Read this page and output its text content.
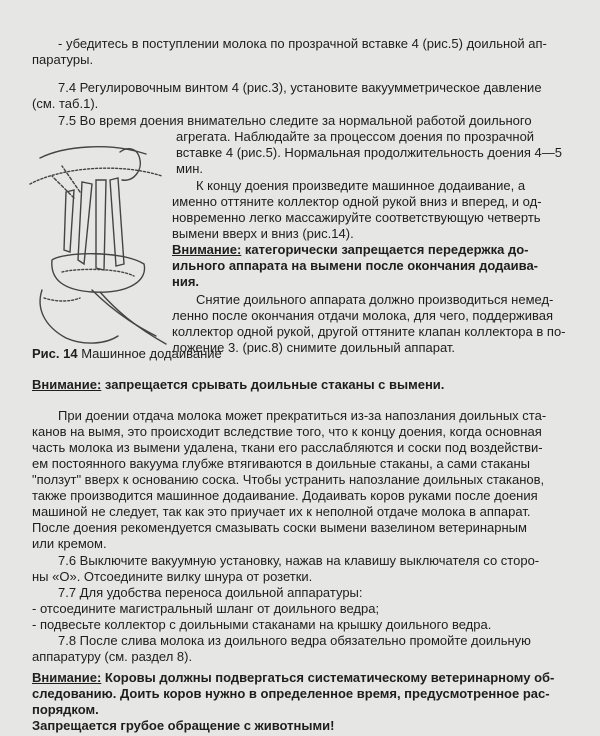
- убедитесь в поступлении молока по прозрачной вставке 4 (рис.5) доильной ап-
паратуры.
7.4 Регулировочным винтом 4 (рис.3), установите вакуумметрическое давление
(см. таб.1).
7.5 Во время доения внимательно следите за нормальной работой доильного
агрегата. Наблюдайте за процессом доения по прозрачной
вставке 4 (рис.5). Нормальная продолжительность доения 4—5
мин.
К концу доения произведите машинное додаивание, а
именно оттяните коллектор одной рукой вниз и вперед, и од-
новременно легко массажируйте соответствующую четверть
вымени вверх и вниз (рис.14).
Внимание: категорически запрещается передержка до-
ильного аппарата на вымени после окончания додаива-
ния.
Снятие доильного аппарата должно производиться немед-
ленно после окончания отдачи молока, для чего, поддерживая
коллектор одной рукой, другой оттяните клапан коллектора в по-
ложение 3. (рис.8) снимите доильный аппарат.
Рис. 14 Машинное додаивание
Внимание: запрещается срывать доильные стаканы с вымени.
При доении отдача молока может прекратиться из-за напозлания доильных ста-
канов на вымя, это происходит вследствие того, что к концу доения, когда основная
часть молока из вымени удалена, ткани его расслабляются и соски под воздействи-
ем постоянного вакуума глубже втягиваются в доильные стаканы, а сами стаканы
"ползут" вверх к основанию соска. Чтобы устранить напозлание доильных стаканов,
также производится машинное додаивание. Додаивать коров руками после доения
машиной не следует, так как это приучает их к неполной отдаче молока в аппарат.
После доения рекомендуется смазывать соски вымени вазелином ветеринарным
или кремом.
7.6 Выключите вакуумную установку, нажав на клавишу выключателя со сторо-
ны «О». Отсоедините вилку шнура от розетки.
7.7 Для удобства переноса доильной аппаратуры:
- отсоедините магистральный шланг от доильного ведра;
- подвесьте коллектор с доильными стаканами на крышку доильного ведра.
7.8 После слива молока из доильного ведра обязательно промойте доильную
аппаратуру (см. раздел 8).
Внимание: Коровы должны подвергаться систематическому ветеринарному об-
следованию. Доить коров нужно в определенное время, предусмотренное рас-
порядком.
Запрещается грубое обращение с животными!
